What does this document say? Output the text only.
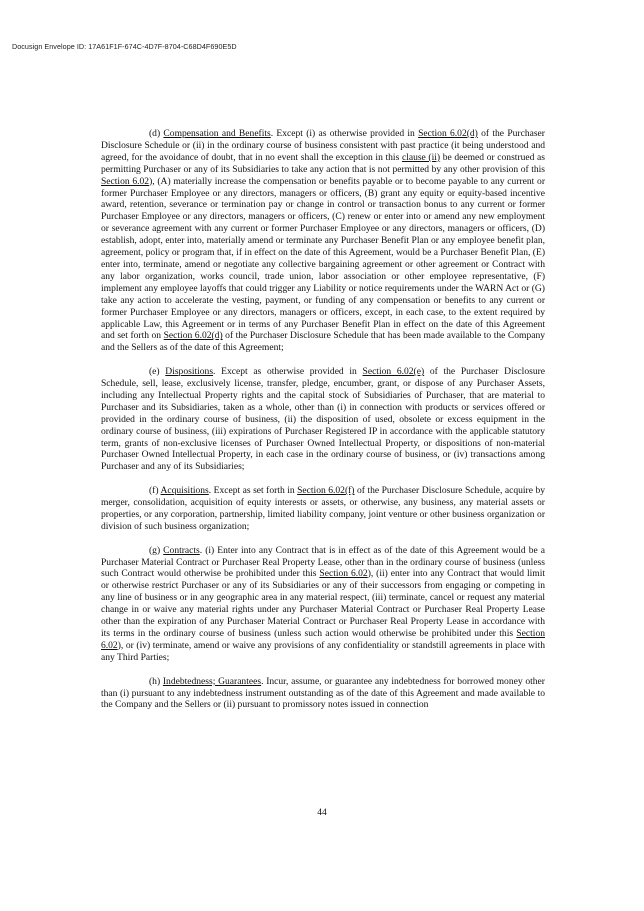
Docusign Envelope ID: 17A61F1F-674C-4D7F-8704-C68D4F690E5D

(d) Compensation and Benefits. Except (i) as otherwise provided in Section 6.02(d) of the Purchaser Disclosure Schedule or (ii) in the ordinary course of business consistent with past practice (it being understood and agreed, for the avoidance of doubt, that in no event shall the exception in this clause (ii) be deemed or construed as permitting Purchaser or any of its Subsidiaries to take any action that is not permitted by any other provision of this Section 6.02), (A) materially increase the compensation or benefits payable or to become payable to any current or former Purchaser Employee or any directors, managers or officers, (B) grant any equity or equity-based incentive award, retention, severance or termination pay or change in control or transaction bonus to any current or former Purchaser Employee or any directors, managers or officers, (C) renew or enter into or amend any new employment or severance agreement with any current or former Purchaser Employee or any directors, managers or officers, (D) establish, adopt, enter into, materially amend or terminate any Purchaser Benefit Plan or any employee benefit plan, agreement, policy or program that, if in effect on the date of this Agreement, would be a Purchaser Benefit Plan, (E) enter into, terminate, amend or negotiate any collective bargaining agreement or other agreement or Contract with any labor organization, works council, trade union, labor association or other employee representative, (F) implement any employee layoffs that could trigger any Liability or notice requirements under the WARN Act or (G) take any action to accelerate the vesting, payment, or funding of any compensation or benefits to any current or former Purchaser Employee or any directors, managers or officers, except, in each case, to the extent required by applicable Law, this Agreement or in terms of any Purchaser Benefit Plan in effect on the date of this Agreement and set forth on Section 6.02(d) of the Purchaser Disclosure Schedule that has been made available to the Company and the Sellers as of the date of this Agreement;

(e) Dispositions. Except as otherwise provided in Section 6.02(e) of the Purchaser Disclosure Schedule, sell, lease, exclusively license, transfer, pledge, encumber, grant, or dispose of any Purchaser Assets, including any Intellectual Property rights and the capital stock of Subsidiaries of Purchaser, that are material to Purchaser and its Subsidiaries, taken as a whole, other than (i) in connection with products or services offered or provided in the ordinary course of business, (ii) the disposition of used, obsolete or excess equipment in the ordinary course of business, (iii) expirations of Purchaser Registered IP in accordance with the applicable statutory term, grants of non-exclusive licenses of Purchaser Owned Intellectual Property, or dispositions of non-material Purchaser Owned Intellectual Property, in each case in the ordinary course of business, or (iv) transactions among Purchaser and any of its Subsidiaries;

(f) Acquisitions. Except as set forth in Section 6.02(f) of the Purchaser Disclosure Schedule, acquire by merger, consolidation, acquisition of equity interests or assets, or otherwise, any business, any material assets or properties, or any corporation, partnership, limited liability company, joint venture or other business organization or division of such business organization;

(g) Contracts. (i) Enter into any Contract that is in effect as of the date of this Agreement would be a Purchaser Material Contract or Purchaser Real Property Lease, other than in the ordinary course of business (unless such Contract would otherwise be prohibited under this Section 6.02), (ii) enter into any Contract that would limit or otherwise restrict Purchaser or any of its Subsidiaries or any of their successors from engaging or competing in any line of business or in any geographic area in any material respect, (iii) terminate, cancel or request any material change in or waive any material rights under any Purchaser Material Contract or Purchaser Real Property Lease other than the expiration of any Purchaser Material Contract or Purchaser Real Property Lease in accordance with its terms in the ordinary course of business (unless such action would otherwise be prohibited under this Section 6.02), or (iv) terminate, amend or waive any provisions of any confidentiality or standstill agreements in place with any Third Parties;

(h) Indebtedness; Guarantees. Incur, assume, or guarantee any indebtedness for borrowed money other than (i) pursuant to any indebtedness instrument outstanding as of the date of this Agreement and made available to the Company and the Sellers or (ii) pursuant to promissory notes issued in connection

44
